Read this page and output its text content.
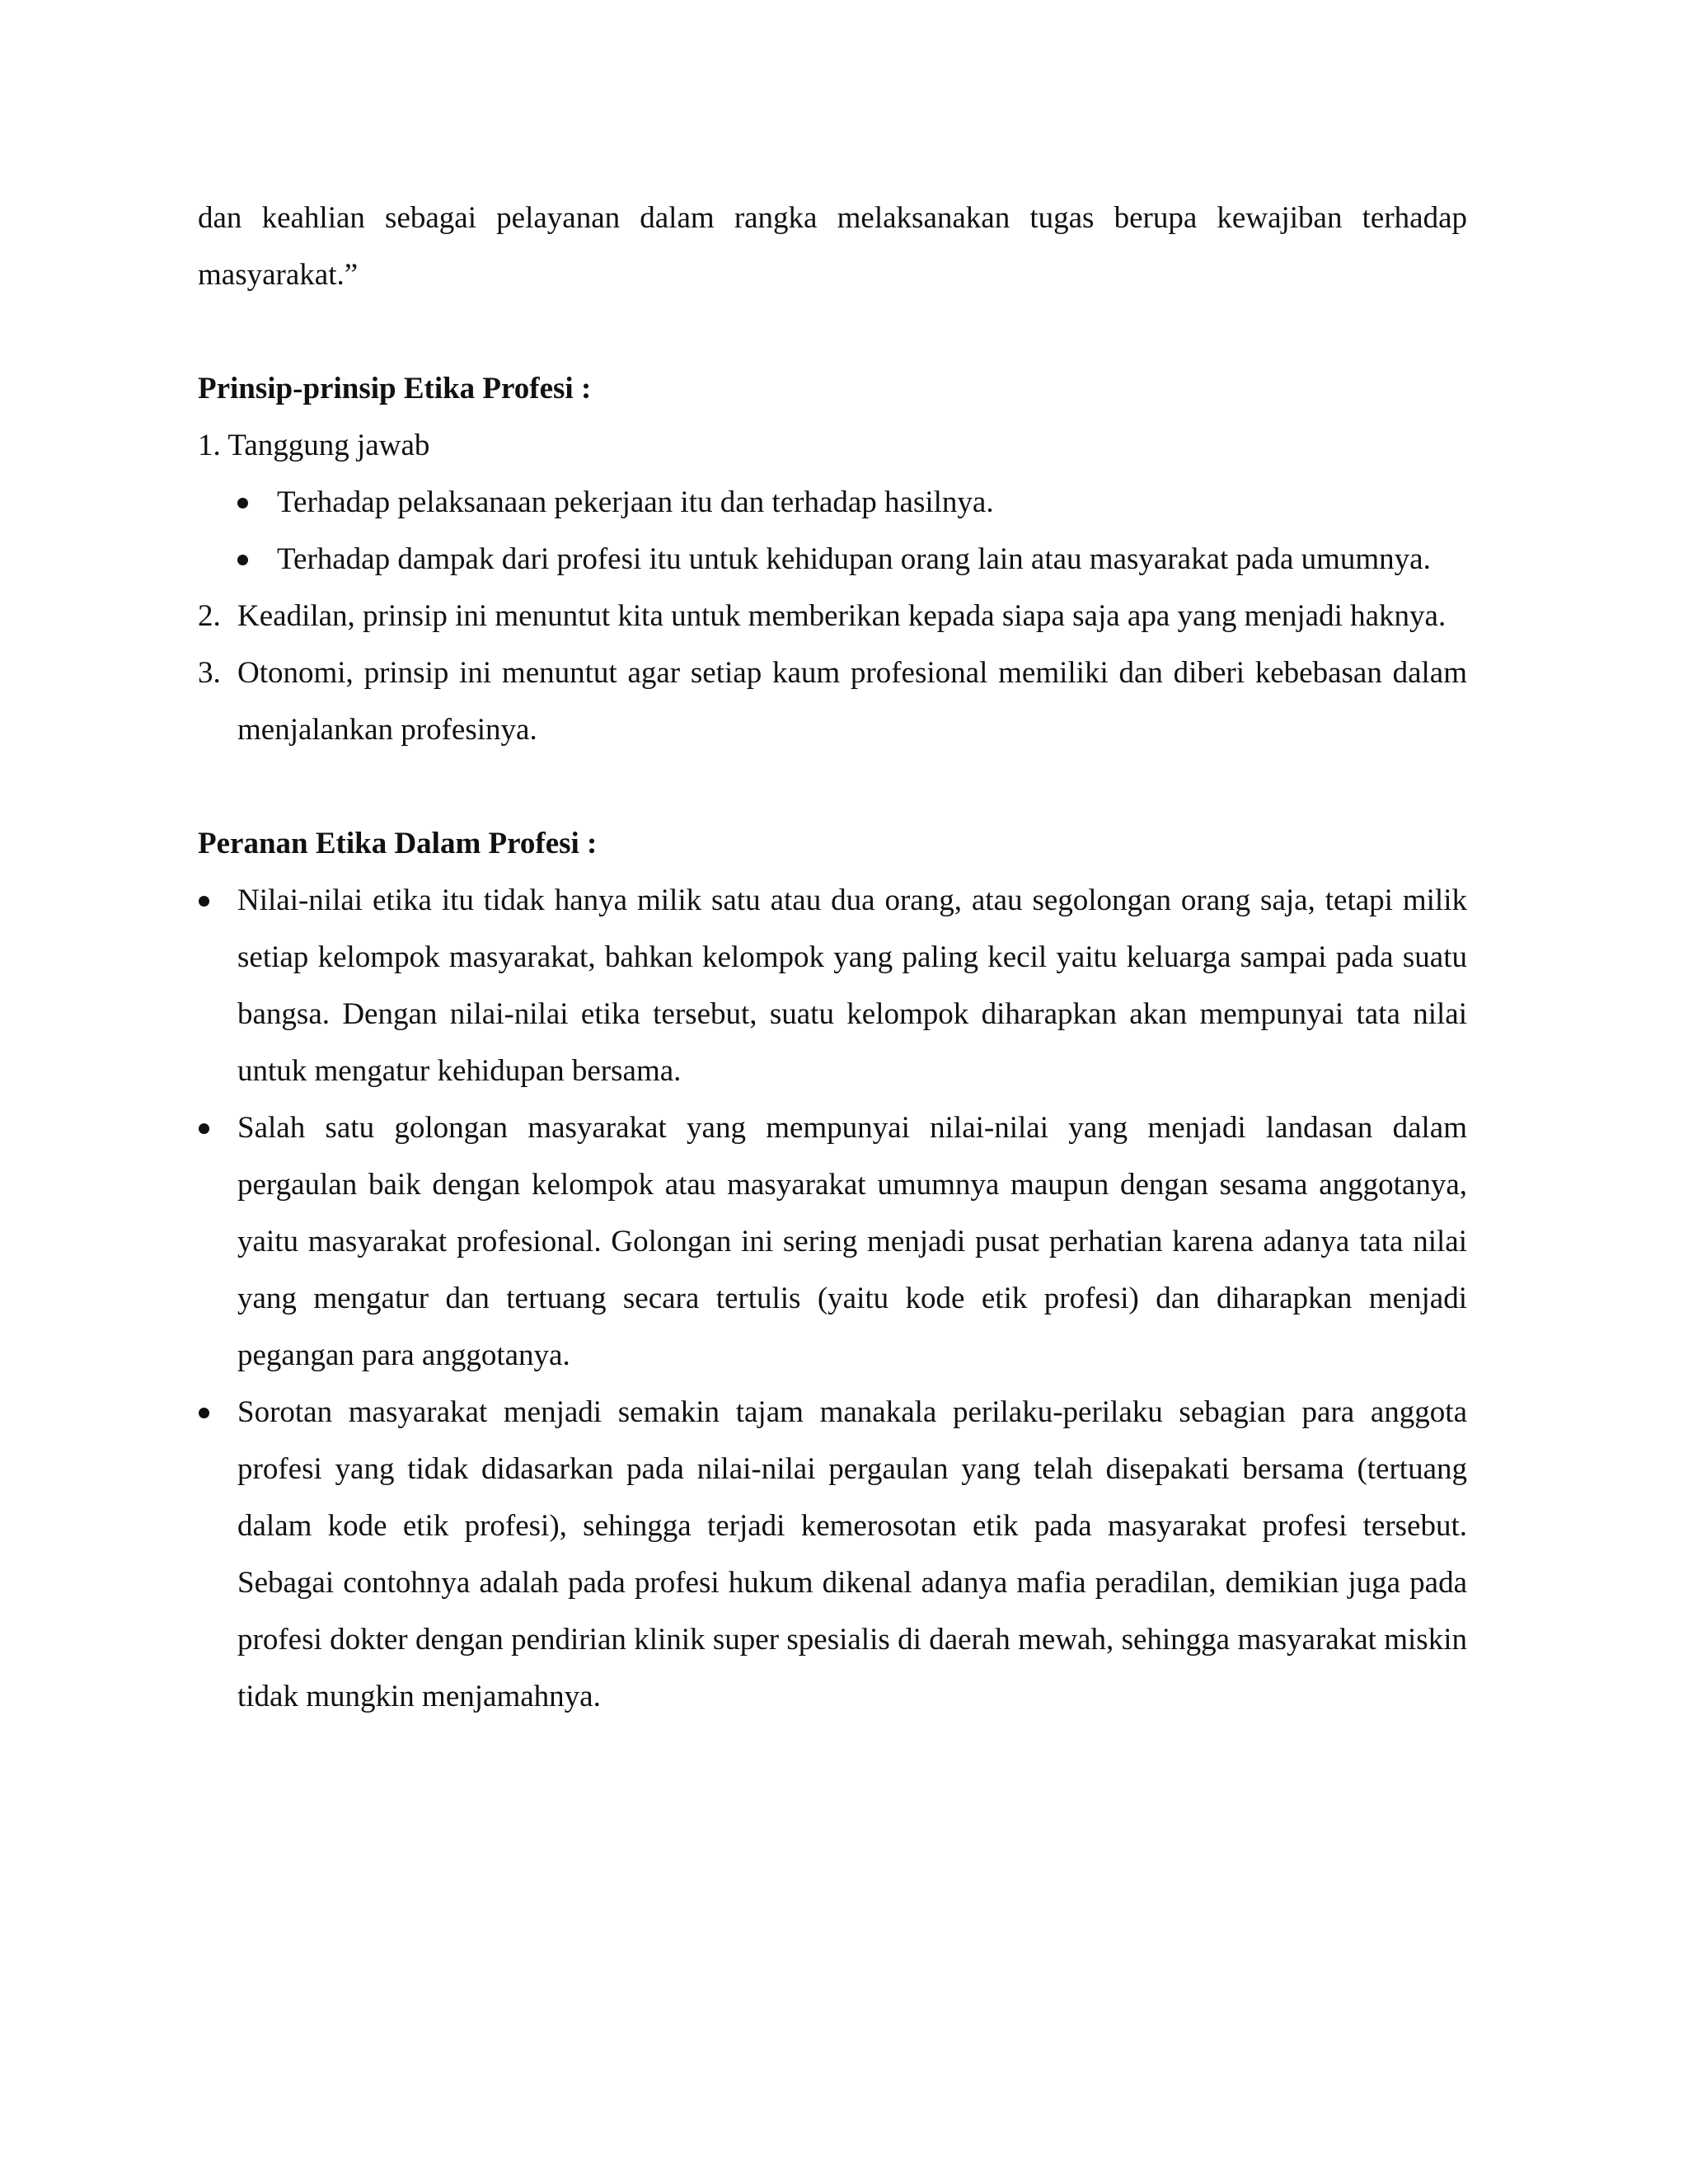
dan keahlian sebagai pelayanan dalam rangka melaksanakan tugas berupa kewajiban terhadap masyarakat.”

Prinsip-prinsip Etika Profesi :

1. Tanggung jawab

Terhadap pelaksanaan pekerjaan itu dan terhadap hasilnya.
Terhadap dampak dari profesi itu untuk kehidupan orang lain atau masyarakat pada umumnya.
2. Keadilan, prinsip ini menuntut kita untuk memberikan kepada siapa saja apa yang menjadi haknya.
3. Otonomi, prinsip ini menuntut agar setiap kaum profesional memiliki dan diberi kebebasan dalam menjalankan profesinya.

Peranan Etika Dalam Profesi :

Nilai-nilai etika itu tidak hanya milik satu atau dua orang, atau segolongan orang saja, tetapi milik setiap kelompok masyarakat, bahkan kelompok yang paling kecil yaitu keluarga sampai pada suatu bangsa. Dengan nilai-nilai etika tersebut, suatu kelompok diharapkan akan mempunyai tata nilai untuk mengatur kehidupan bersama.
Salah satu golongan masyarakat yang mempunyai nilai-nilai yang menjadi landasan dalam pergaulan baik dengan kelompok atau masyarakat umumnya maupun dengan sesama anggotanya, yaitu masyarakat profesional. Golongan ini sering menjadi pusat perhatian karena adanya tata nilai yang mengatur dan tertuang secara tertulis (yaitu kode etik profesi) dan diharapkan menjadi pegangan para anggotanya.
Sorotan masyarakat menjadi semakin tajam manakala perilaku-perilaku sebagian para anggota profesi yang tidak didasarkan pada nilai-nilai pergaulan yang telah disepakati bersama (tertuang dalam kode etik profesi), sehingga terjadi kemerosotan etik pada masyarakat profesi tersebut. Sebagai contohnya adalah pada profesi hukum dikenal adanya mafia peradilan, demikian juga pada profesi dokter dengan pendirian klinik super spesialis di daerah mewah, sehingga masyarakat miskin tidak mungkin menjamahnya.
